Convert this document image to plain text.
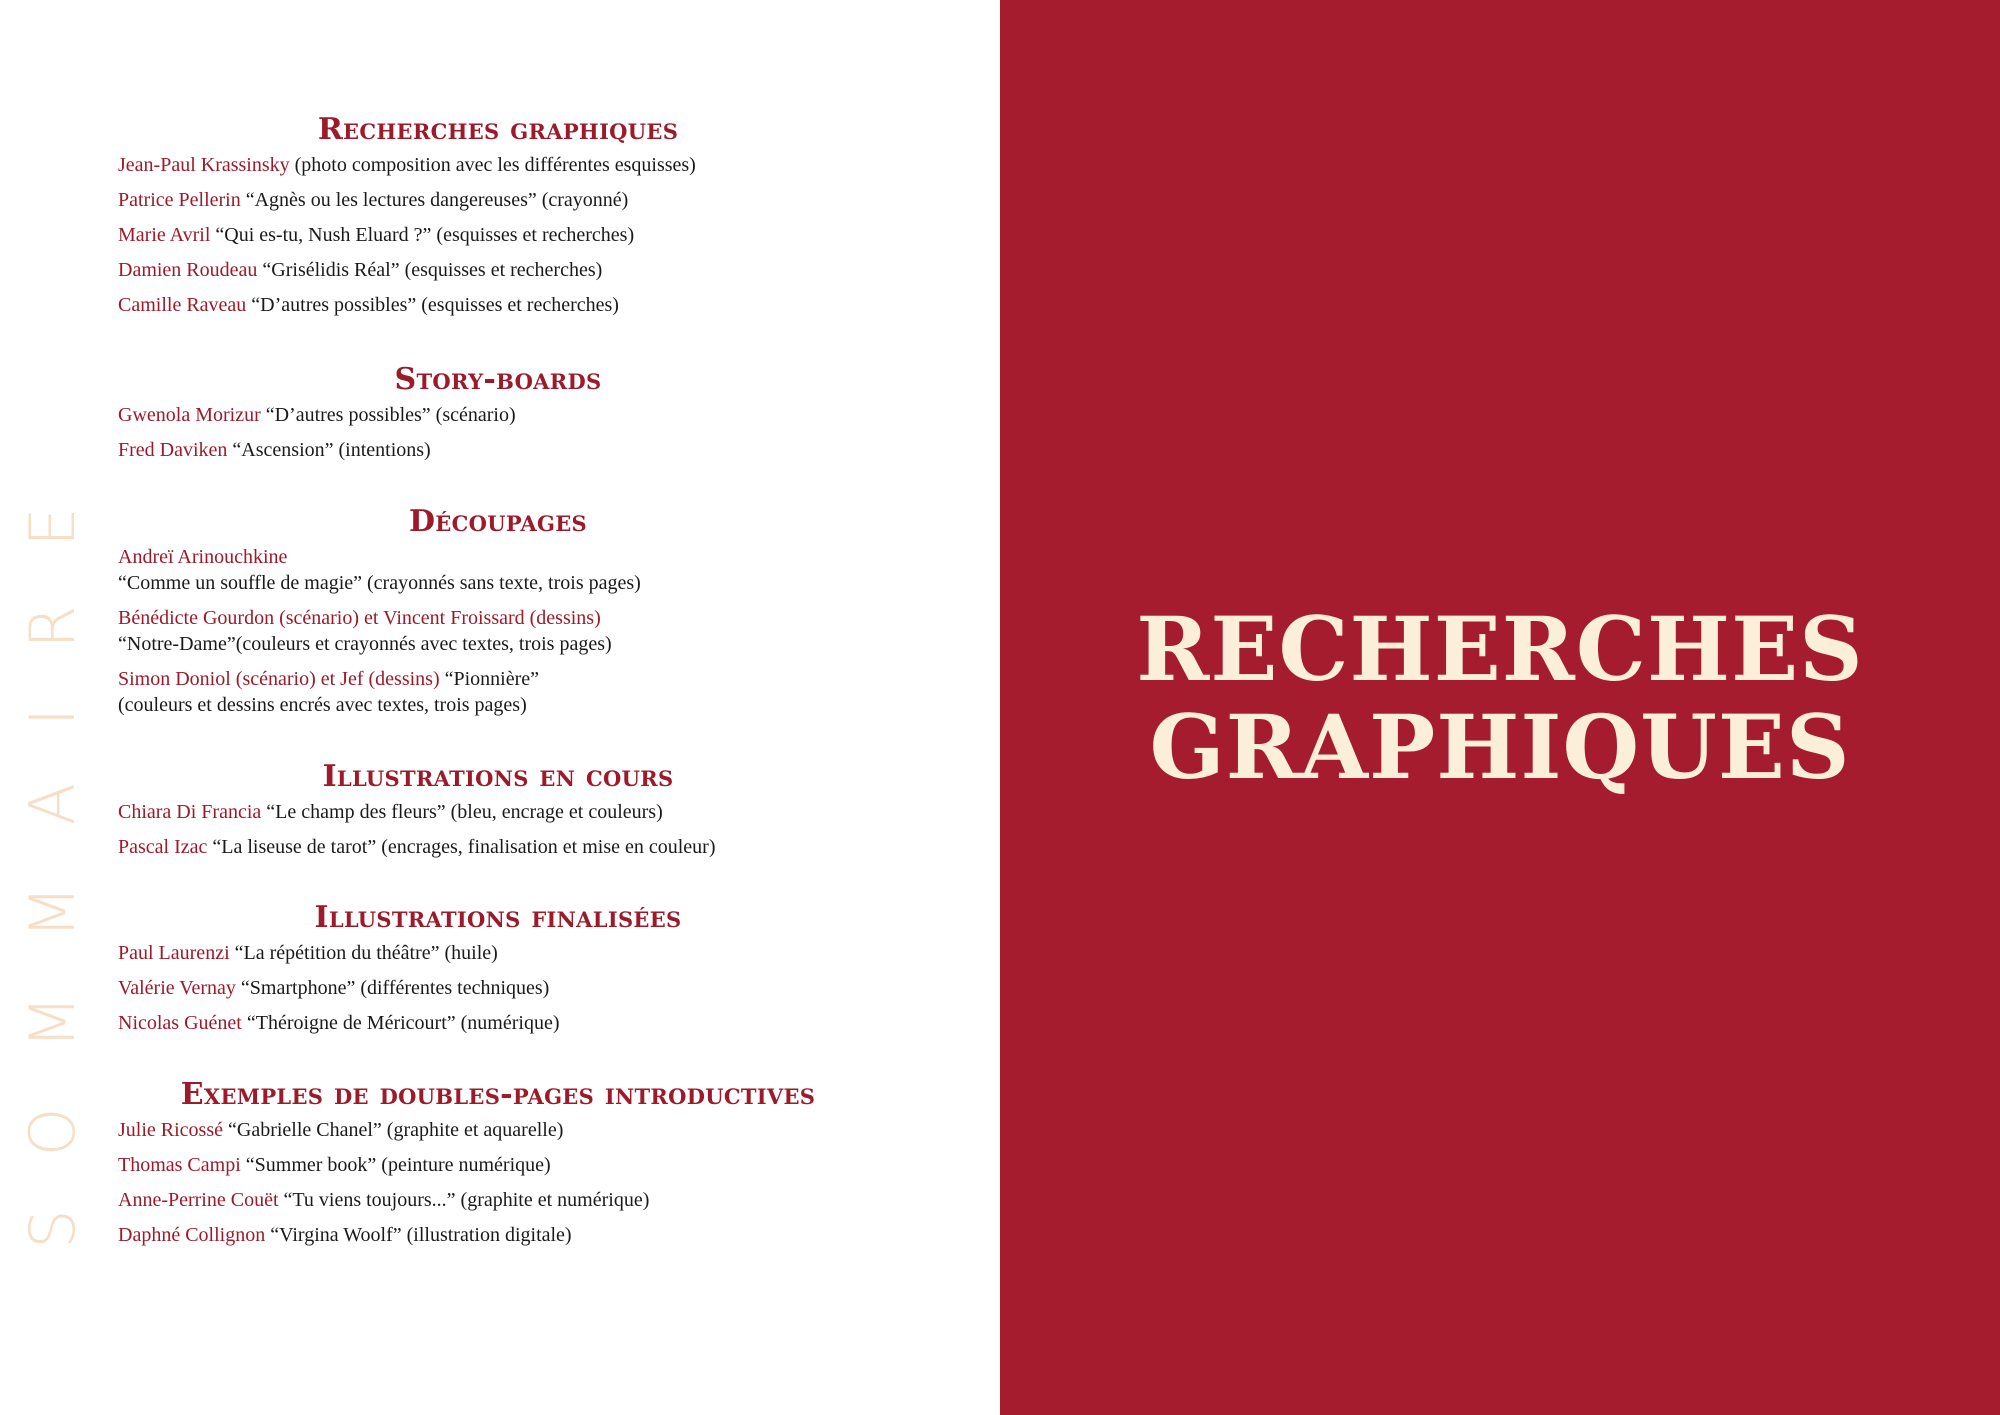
S
O
M
M
A
I
R
E
Recherches graphiques
Jean-Paul Krassinsky (photo composition avec les différentes esquisses)
Patrice Pellerin “Agnès ou les lectures dangereuses” (crayonné)
Marie Avril “Qui es-tu, Nush Eluard ?” (esquisses et recherches)
Damien Roudeau “Grisélidis Réal” (esquisses et recherches)
Camille Raveau “D’autres possibles” (esquisses et recherches)
Story-boards
Gwenola Morizur “D’autres possibles” (scénario)
Fred Daviken “Ascension” (intentions)
Découpages
Andreï Arinouchkine
“Comme un souffle de magie” (crayonnés sans texte, trois pages)
Bénédicte Gourdon (scénario) et Vincent Froissard (dessins)
“Notre-Dame”(couleurs et crayonnés avec textes, trois pages)
Simon Doniol (scénario) et Jef (dessins) “Pionnière”
(couleurs et dessins encrés avec textes, trois pages)
Illustrations en cours
Chiara Di Francia “Le champ des fleurs” (bleu, encrage et couleurs)
Pascal Izac “La liseuse de tarot” (encrages, finalisation et mise en couleur)
Illustrations finalisées
Paul Laurenzi “La répétition du théâtre” (huile)
Valérie Vernay “Smartphone” (différentes techniques)
Nicolas Guénet “Théroigne de Méricourt” (numérique)
Exemples de doubles-pages introductives
Julie Ricossé “Gabrielle Chanel” (graphite et aquarelle)
Thomas Campi “Summer book” (peinture numérique)
Anne-Perrine Couët “Tu viens toujours...” (graphite et numérique)
Daphné Collignon “Virgina Woolf” (illustration digitale)
RECHERCHES
GRAPHIQUES
